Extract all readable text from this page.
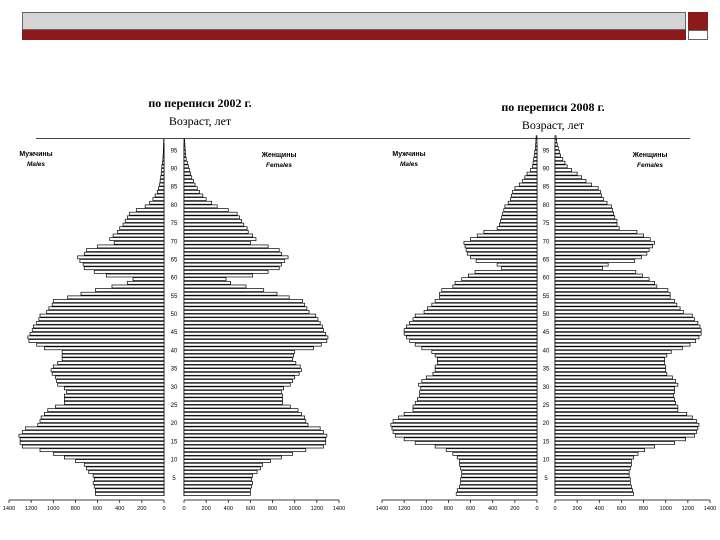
по переписи 2002 г.
Возраст, лет
по переписи 2008 г.
Возраст, лет
5
10
15
20
25
30
35
40
45
50
55
60
65
70
75
80
85
90
95
1400 1200 1000 800 600 400 200	0	0	200 400 600 800 1000 1200 1400
Мужчины
Males
Женщины
Females
5
10
15
20
25
30
35
40
45
50
55
60
65
70
75
80
85
90
95
1400 1200 1000 800 600 400 200	0	0	200 400 600 800 1000 1200 1400
Мужчины
Males
Женщины
Females
